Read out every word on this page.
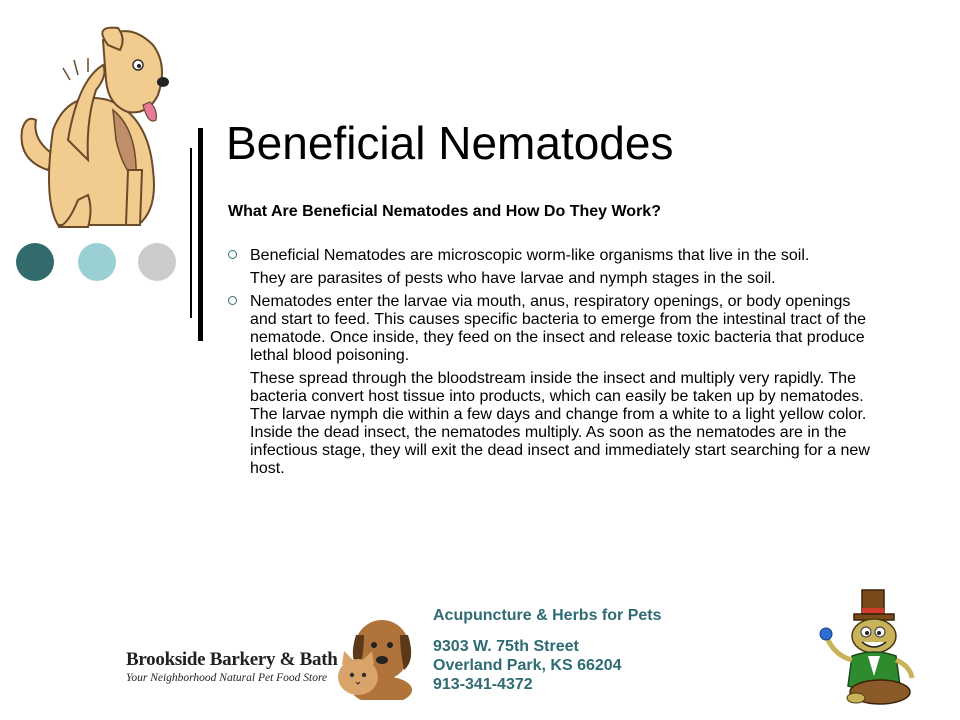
Beneficial Nematodes
What Are Beneficial Nematodes and How Do They Work?
Beneficial Nematodes are microscopic worm-like organisms that live in the soil.
They are parasites of pests who have larvae and nymph stages in the soil.
Nematodes enter the larvae via mouth, anus, respiratory openings, or body openings and start to feed. This causes specific bacteria to emerge from the intestinal tract of the nematode. Once inside, they feed on the insect and release toxic bacteria that produce lethal blood poisoning.
These spread through the bloodstream inside the insect and multiply very rapidly. The bacteria convert host tissue into products, which can easily be taken up by nematodes. The larvae nymph die within a few days and change from a white to a light yellow color. Inside the dead insect, the nematodes multiply. As soon as the nematodes are in the infectious stage, they will exit the dead insect and immediately start searching for a new host.
Brookside Barkery & Bath
Your Neighborhood Natural Pet Food Store
Acupuncture & Herbs for Pets
9303 W. 75th Street
Overland Park, KS 66204
913-341-4372
